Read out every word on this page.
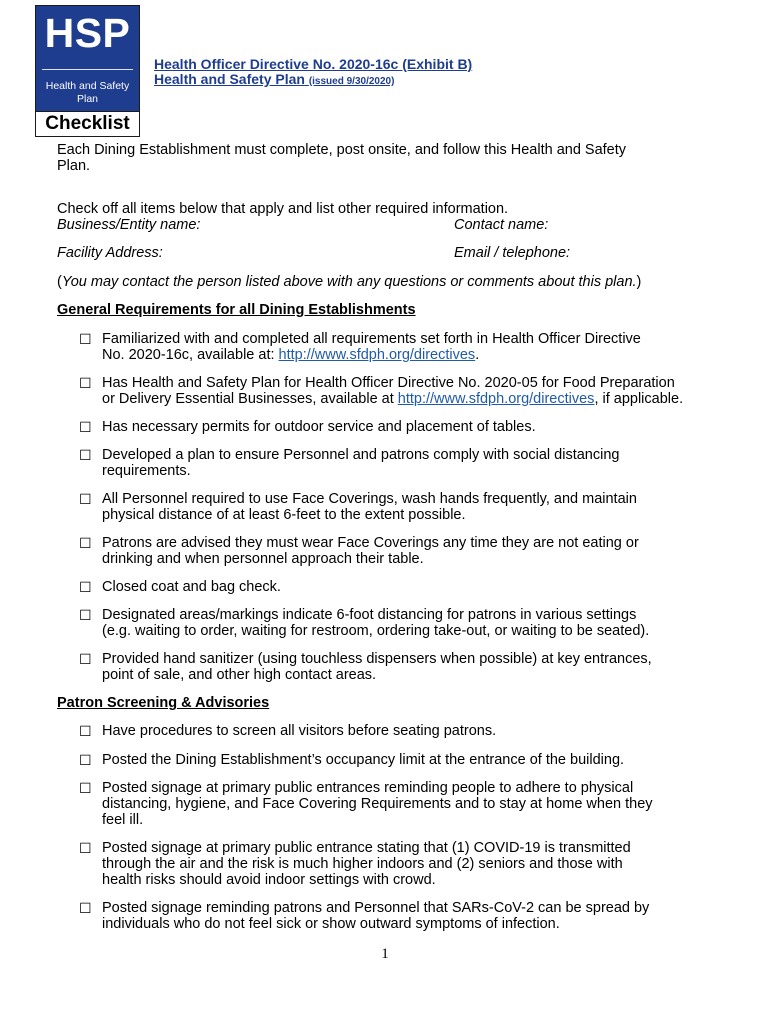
HSP
Health and Safety
Plan
Checklist
Health Officer Directive No. 2020-16c (Exhibit B)
Health and Safety Plan (issued 9/30/2020)
Each Dining Establishment must complete, post onsite, and follow this Health and Safety
Plan.
Check off all items below that apply and list other required information.
Business/Entity name:	Contact name:
Facility Address:	Email / telephone:
(You may contact the person listed above with any questions or comments about this plan.)
General Requirements for all Dining Establishments
☐ Familiarized with and completed all requirements set forth in Health Officer Directive
No. 2020-16c, available at: http://www.sfdph.org/directives.
☐ Has Health and Safety Plan for Health Officer Directive No. 2020-05 for Food Preparation
or Delivery Essential Businesses, available at http://www.sfdph.org/directives, if applicable.
☐ Has necessary permits for outdoor service and placement of tables.
☐ Developed a plan to ensure Personnel and patrons comply with social distancing
requirements.
☐ All Personnel required to use Face Coverings, wash hands frequently, and maintain
physical distance of at least 6-feet to the extent possible.
☐ Patrons are advised they must wear Face Coverings any time they are not eating or
drinking and when personnel approach their table.
☐ Closed coat and bag check.
☐ Designated areas/markings indicate 6-foot distancing for patrons in various settings
(e.g. waiting to order, waiting for restroom, ordering take-out, or waiting to be seated).
☐ Provided hand sanitizer (using touchless dispensers when possible) at key entrances,
point of sale, and other high contact areas.
Patron Screening & Advisories
☐ Have procedures to screen all visitors before seating patrons.
☐ Posted the Dining Establishment’s occupancy limit at the entrance of the building.
☐ Posted signage at primary public entrances reminding people to adhere to physical
distancing, hygiene, and Face Covering Requirements and to stay at home when they
feel ill.
☐ Posted signage at primary public entrance stating that (1) COVID-19 is transmitted
through the air and the risk is much higher indoors and (2) seniors and those with
health risks should avoid indoor settings with crowd.
☐ Posted signage reminding patrons and Personnel that SARs-CoV-2 can be spread by
individuals who do not feel sick or show outward symptoms of infection.
1
